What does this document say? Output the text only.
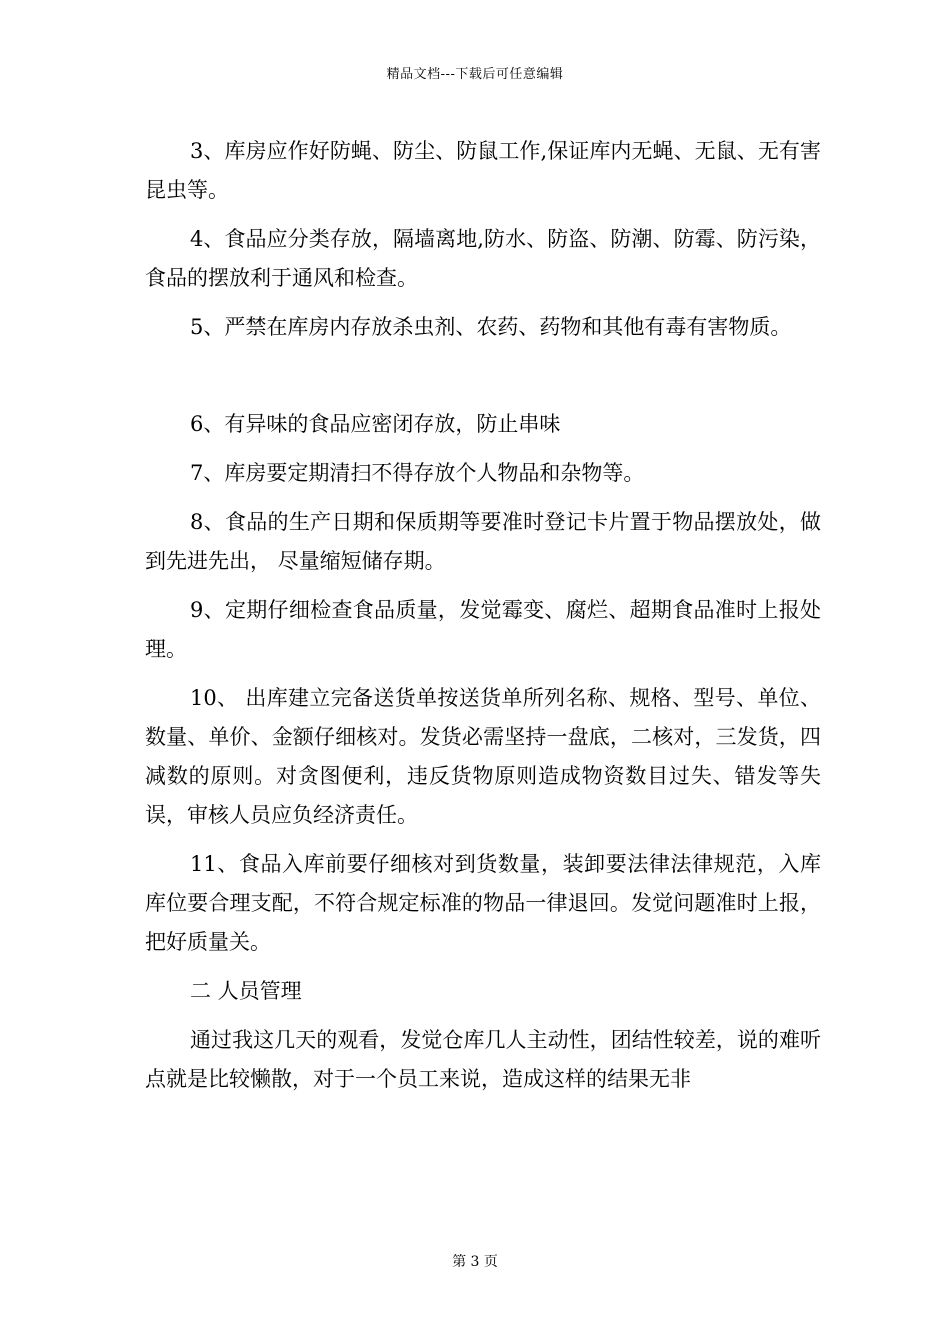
精品文档---下载后可任意编辑

3、库房应作好防蝇、防尘、防鼠工作,保证库内无蝇、无鼠、无有害昆虫等。

4、食品应分类存放，隔墙离地,防水、防盗、防潮、防霉、防污染，食品的摆放利于通风和检查。

5、严禁在库房内存放杀虫剂、农药、药物和其他有毒有害物质。

6、有异味的食品应密闭存放，防止串味

7、库房要定期清扫不得存放个人物品和杂物等。

8、食品的生产日期和保质期等要准时登记卡片置于物品摆放处，做到先进先出， 尽量缩短储存期。

9、定期仔细检查食品质量，发觉霉变、腐烂、超期食品准时上报处理。

10、 出库建立完备送货单按送货单所列名称、规格、型号、单位、数量、单价、金额仔细核对。发货必需坚持一盘底，二核对，三发货，四减数的原则。对贪图便利，违反货物原则造成物资数目过失、错发等失误，审核人员应负经济责任。

11、食品入库前要仔细核对到货数量，装卸要法律法律规范，入库库位要合理支配，不符合规定标准的物品一律退回。发觉问题准时上报，把好质量关。

二 人员管理

通过我这几天的观看，发觉仓库几人主动性，团结性较差，说的难听点就是比较懒散，对于一个员工来说，造成这样的结果无非

第 3 页
